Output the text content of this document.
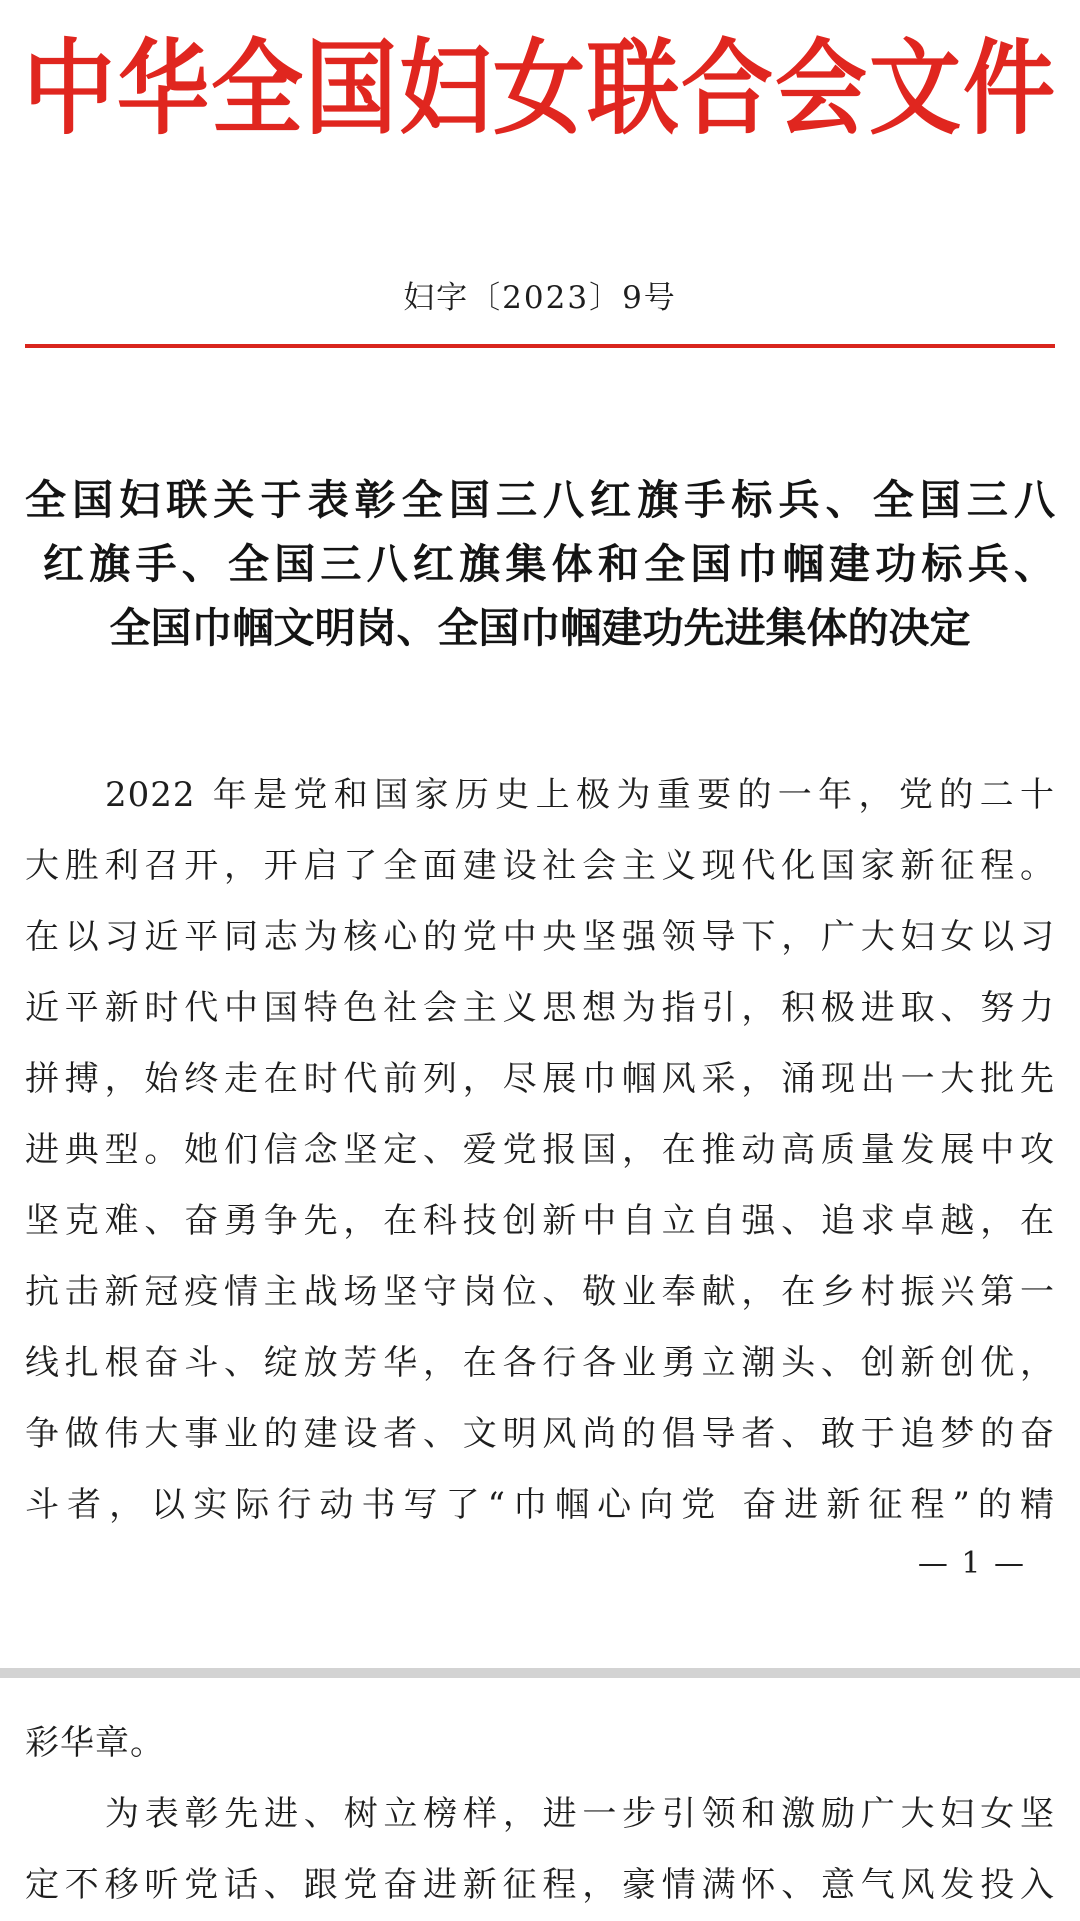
中华全国妇女联合会文件
妇字〔2023〕9号
全国妇联关于表彰全国三八红旗手标兵、全国三八
红旗手、全国三八红旗集体和全国巾帼建功标兵、
全国巾帼文明岗、全国巾帼建功先进集体的决定
2022 年是党和国家历史上极为重要的一年，党的二十
大胜利召开，开启了全面建设社会主义现代化国家新征程。
在以习近平同志为核心的党中央坚强领导下，广大妇女以习
近平新时代中国特色社会主义思想为指引，积极进取、努力
拼搏，始终走在时代前列，尽展巾帼风采，涌现出一大批先
进典型。她们信念坚定、爱党报国，在推动高质量发展中攻
坚克难、奋勇争先，在科技创新中自立自强、追求卓越，在
抗击新冠疫情主战场坚守岗位、敬业奉献，在乡村振兴第一
线扎根奋斗、绽放芳华，在各行各业勇立潮头、创新创优，
争做伟大事业的建设者、文明风尚的倡导者、敢于追梦的奋
斗者，以实际行动书写了“巾帼心向党 奋进新征程”的精
— 1 —
彩华章。
为表彰先进、树立榜样，进一步引领和激励广大妇女坚
定不移听党话、跟党奋进新征程，豪情满怀、意气风发投入
